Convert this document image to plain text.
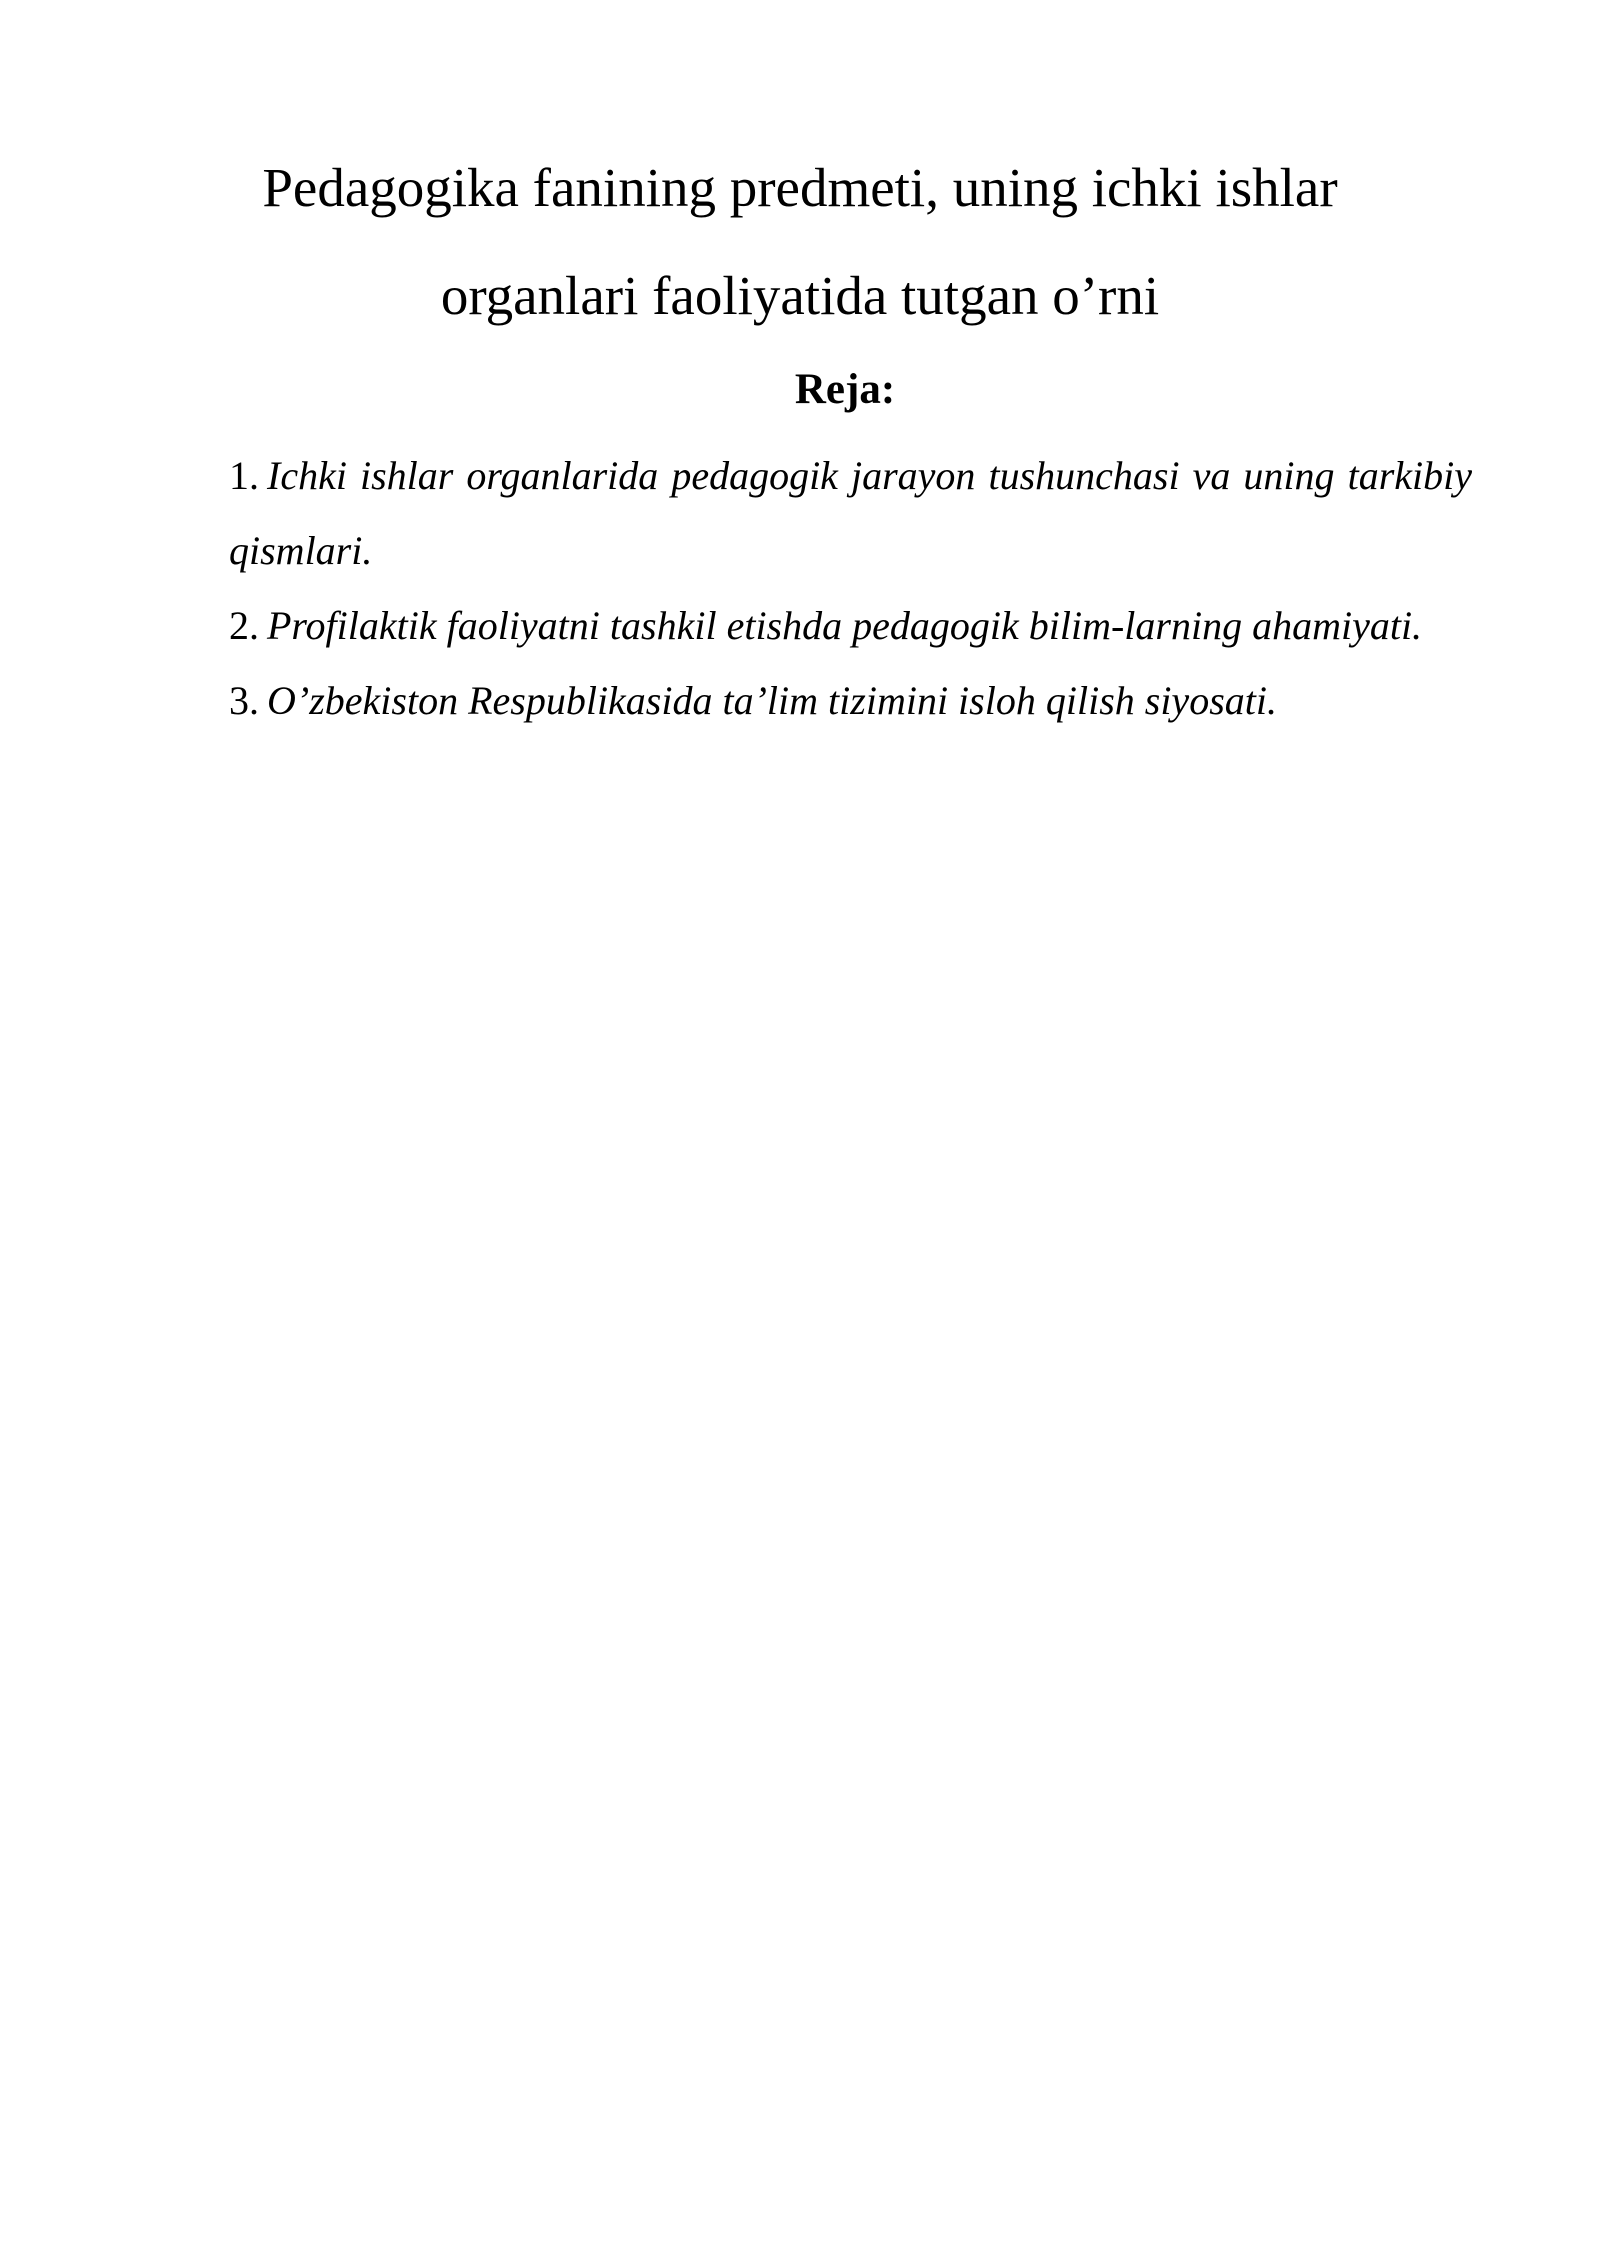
Pedagogika fanining predmeti, uning ichki ishlar
organlari faoliyatida tutgan o’rni
Reja:
1. Ichki ishlar organlarida pedagogik jarayon tushunchasi va uning tarkibiy qismlari.
2. Profilaktik faoliyatni tashkil etishda pedagogik bilim-larning ahamiyati.
3. O’zbekiston Respublikasida ta’lim tizimini isloh qilish siyosati.
